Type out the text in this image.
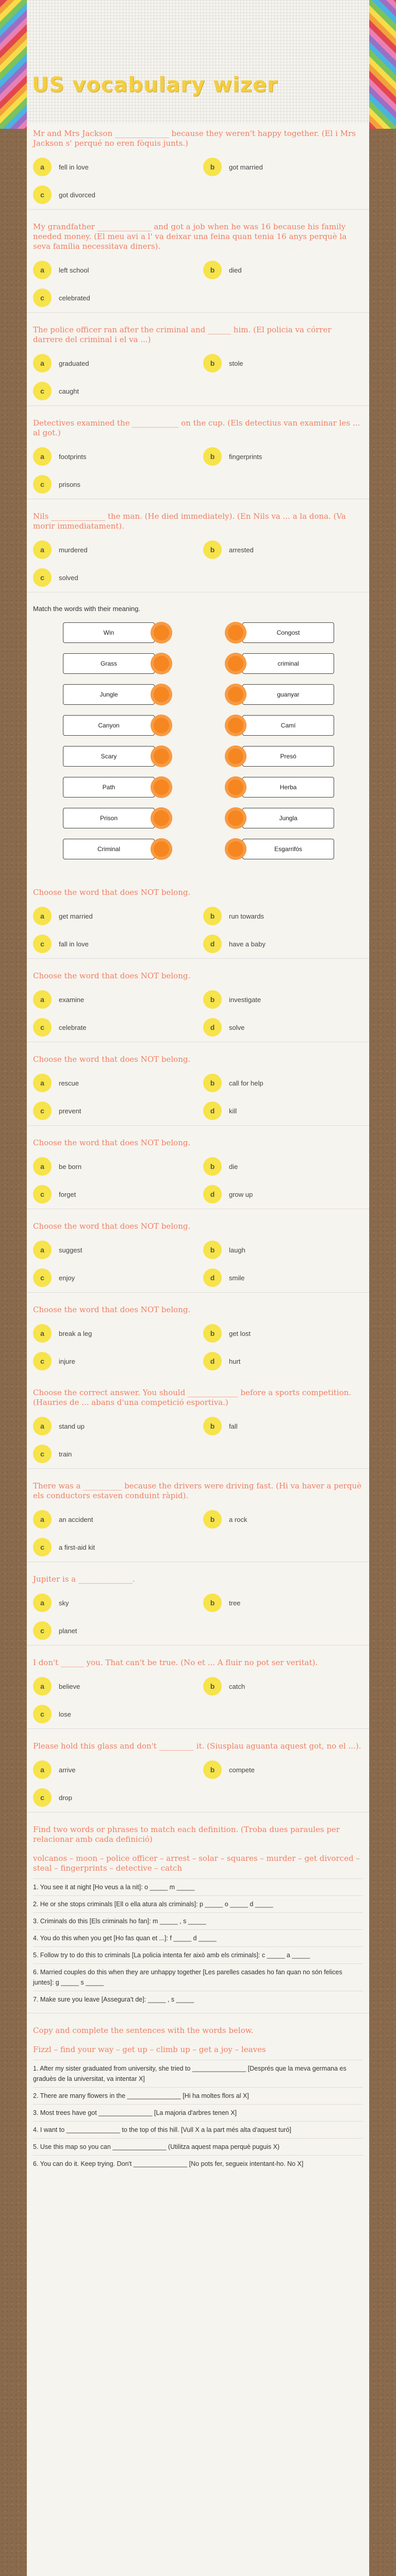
US vocabulary wizer
Mr and Mrs Jackson ______________ because they weren't happy together. (El i Mrs Jackson s' perqué no eren fòquis junts.)
a	fell in love	b	got married
c	got divorced
My grandfather ______________ and got a job when he was 16 because his family needed money. (El meu avi a l' va deixar una feina quan tenia 16 anys perquè la seva família necessitava diners).
a	left school	b	died
c	celebrated
The police officer ran after the criminal and ______ him. (El policia va córrer darrere del criminal i el va ...)
a	graduated	b	stole
c	caught
Detectives examined the ____________ on the cup. (Els detectius van examinar les ... al got.)
a	footprints	b	fingerprints
c	prisons
Nils ______________ the man. (He died immediately). (En Nils va ... a la dona. (Va morir immediatament).
a	murdered	b	arrested
c	solved
Match the words with their meaning.
Win	Congost
Grass	criminal
Jungle	guanyar
Canyon	Camí
Scary	Presó
Path	Herba
Prison	Jungla
Criminal	Esgarrifós
Choose the word that does NOT belong.
a	get married	b	run towards
c	fall in love	d	have a baby
Choose the word that does NOT belong.
a	examine	b	investigate
c	celebrate	d	solve
Choose the word that does NOT belong.
a	rescue	b	call for help
c	prevent	d	kill
Choose the word that does NOT belong.
a	be born	b	die
c	forget	d	grow up
Choose the word that does NOT belong.
a	suggest	b	laugh
c	enjoy	d	smile
Choose the word that does NOT belong.
a	break a leg	b	get lost
c	injure	d	hurt
Choose the correct answer. You should _____________ before a sports competition. (Hauries de ... abans d'una competició esportiva.)
a	stand up	b	fall
c	train
There was a __________ because the drivers were driving fast. (Hi va haver a perquè els conductors estaven conduint ràpid).
a	an accident	b	a rock
c	a first-aid kit
Jupiter is a ______________.
a	sky	b	tree
c	planet
I don't ______ you. That can't be true. (No et ... A fluir no pot ser veritat).
a	believe	b	catch
c	lose
Please hold this glass and don't _________ it. (Siusplau aguanta aquest got, no el ...).
a	arrive	b	compete
c	drop
Find two words or phrases to match each definition. (Troba dues paraules per relacionar amb cada definició)
volcanos – moon – police officer – arrest – solar – squares – murder – get divorced – steal – fingerprints – detective – catch
1. You see it at night [Ho veus a la nit]: o _____ m _____
2. He or she stops criminals [Ell o ella atura als criminals]: p _____ o _____ d _____
3. Criminals do this [Els criminals ho fan]: m _____ , s _____
4. You do this when you get [Ho fas quan et ...]: f _____ d _____
5. Follow try to do this to criminals [La policia intenta fer això amb els criminals]: c _____ a _____
6. Married couples do this when they are unhappy together [Les parelles casades ho fan quan no són felices juntes]: g _____ s _____
7. Make sure you leave [Assegura't de]: _____ , s _____
Copy and complete the sentences with the words below.
Fizzl – find your way – get up – climb up – get a joy – leaves
1. After my sister graduated from university, she tried to _______________ [Després que la meva germana es graduès de la universitat, va intentar X]
2. There are many flowers in the _______________ [Hi ha moltes flors al X]
3. Most trees have got _______________ [La majoria d'arbres tenen X]
4. I want to _______________ to the top of this hill. [Vull X a la part més alta d'aquest turó]
5. Use this map so you can _______________ (Utilitza aquest mapa perquè puguis X)
6. You can do it. Keep trying. Don't _______________ [No pots fer, segueix intentant-ho. No X]
